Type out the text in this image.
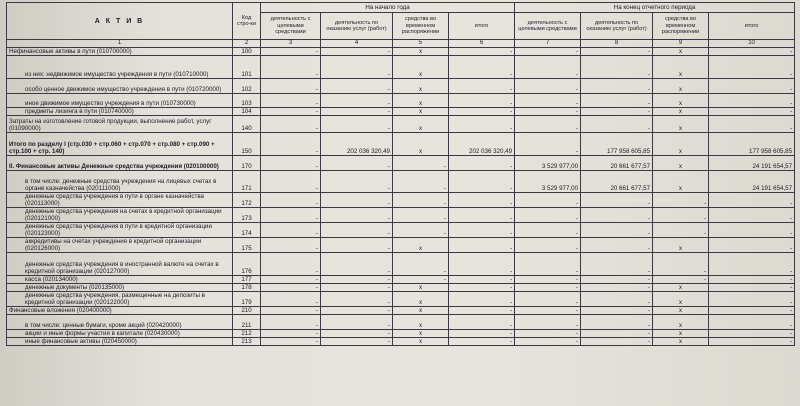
А К Т И В	Код стро-ки	На начало года				На конец отчетного периода			
		деятельность с целевыми средствами	деятельность по оказанию услуг (работ)	средства во временном распоряжении	итого	деятельность с целевыми средствами	деятельность по оказанию услуг (работ)	средства во временном распоряжении	итого
1	2	3	4	5	6	7	8	9	10
Нефинансовые активы в пути (010700000)	100	-	-	x	-	-	-	x	-
из них: недвижимое имущество учреждения в пути (010710000)	101	-	-	x	-	-	-	x	-
особо ценное движимое имущество учреждения в пути (010720000)	102	-	-	x	-	-	-	x	-
иное движимое имущество учреждения в пути (010730000)	103	-	-	x	-	-	-	x	-
предметы лизинга в пути (010740000)	104	-	-	x	-	-	-	x	-
Затраты на изготовление готовой продукции, выполнение работ, услуг (01090000)	140	-	-	x	-	-	-	x	-
Итого по разделу I (стр.030 + стр.060 + стр.070 + стр.080 + стр.090 + стр.100 + стр. 140)	150	-	202 036 320,49	x	202 036 320,49	-	177 958 605,85	x	177 958 605,85
II. Финансовые активы Денежные средства учреждения (020100000)	170	-	-	-	-	3 529 977,00	20 661 677,57	x	24 191 654,57
в том числе: денежные средства учреждения на лицевых счетах в органе казначейства (020111000)	171	-	-	-	-	3 529 977,00	20 661 677,57	x	24 191 654,57
денежные средства учреждения в пути в органе казначейства (020113000)	172	-	-	-	-	-	-	-	-
денежные средства учреждения на счетах в кредитной организации (020121000)	173	-	-	-	-	-	-	-	-
денежные средства учреждения в пути в кредитной организации (020123000)	174	-	-	-	-	-	-	-	-
аккредитивы на счетах учреждения в кредитной организации (020126000)	175	-	-	x	-	-	-	x	-
денежные средства учреждения в иностранной валюте на счетах в кредитной организации (020127000)	176	-	-	-	-	-	-	-	-
касса (020134000)	177	-	-	-	-	-	-	-	-
денежные документы (020135000)	178	-	-	x	-	-	-	x	-
денежные средства учреждения, размещенные на депозиты в кредитной организации (020122000)	179	-	-	x	-	-	-	x	-
Финансовые вложения (020400000)	210	-	-	x	-	-	-	x	-
в том числе: ценные бумаги, кроме акций (020420000)	211	-	-	x	-	-	-	x	-
акции и иные формы участия в капитале (020430000)	212	-	-	x	-	-	-	x	-
иные финансовые активы (020450000)	213	-	-	x	-	-	-	x	-
